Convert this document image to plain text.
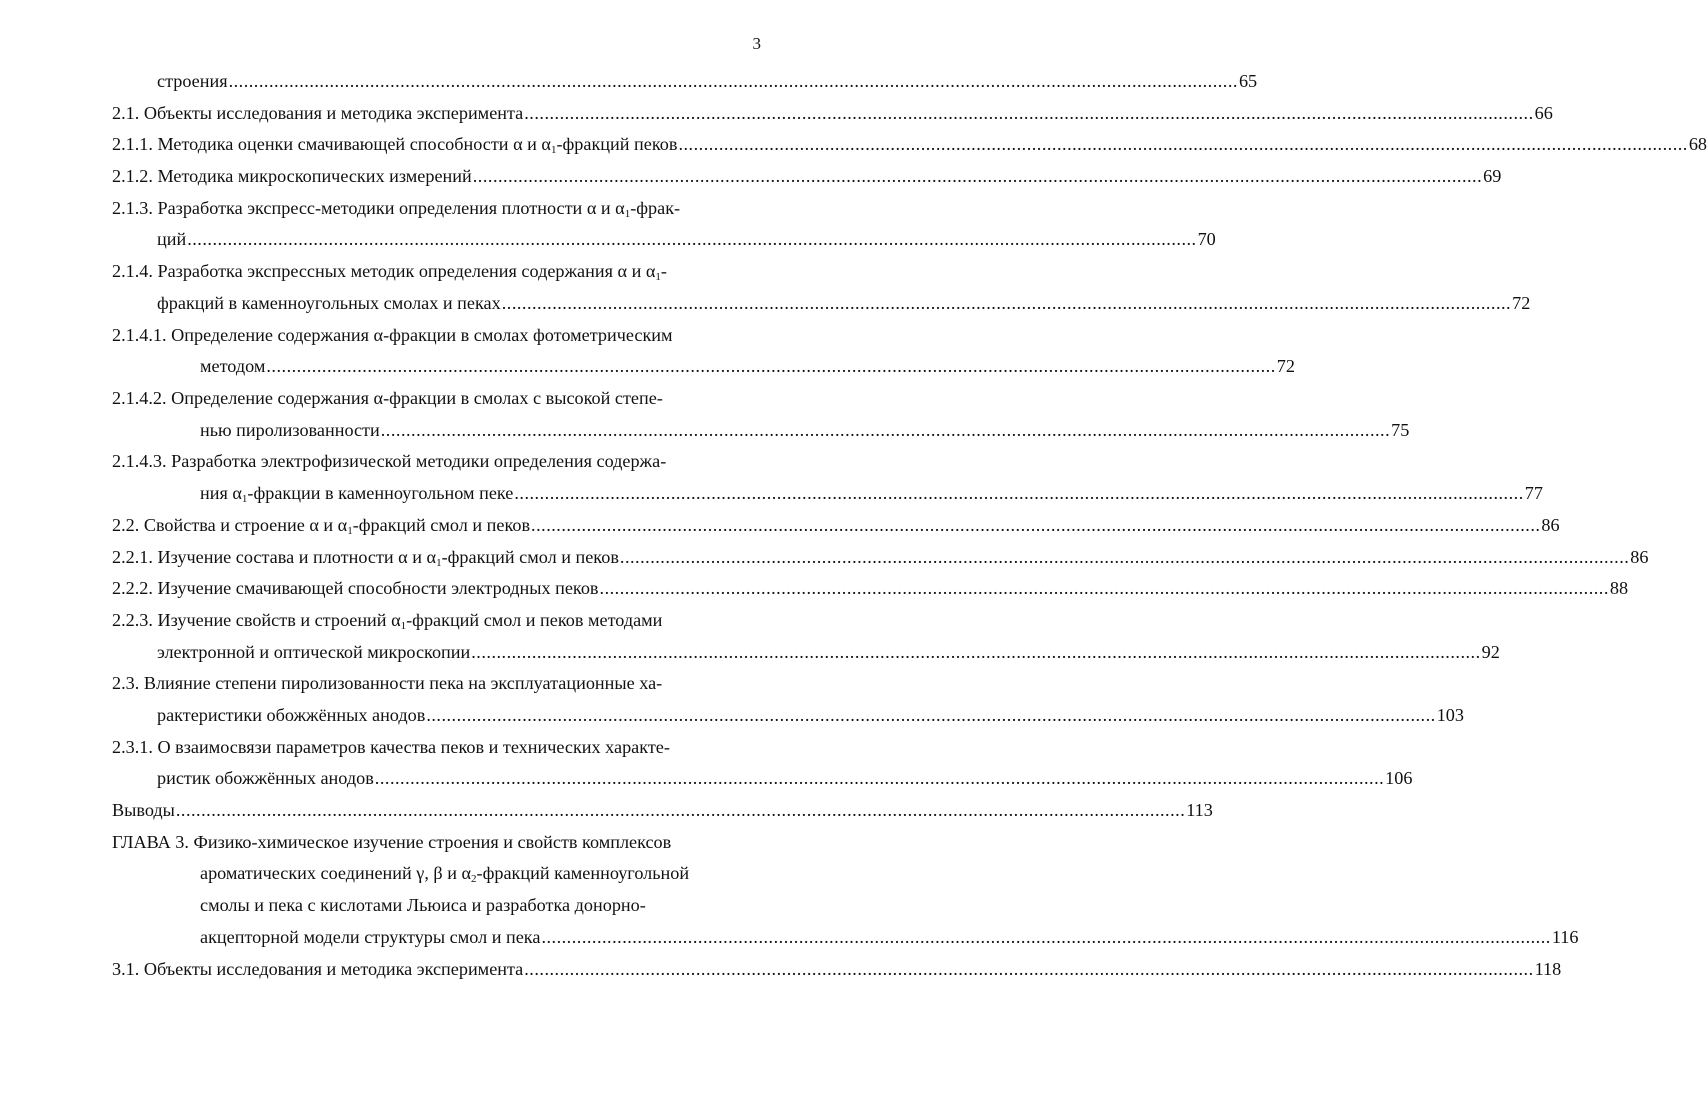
3
строения ........................................................................................................................................................................................................ 65
2.1. Объекты исследования и методика эксперимента ........................................................................................................................................................................................................ 66
2.1.1. Методика оценки смачивающей способности α и $\alpha_1$-фракций пеков ........................................................................................................................................................................................................ 68
2.1.2. Методика микроскопических измерений ........................................................................................................................................................................................................ 69
2.1.3. Разработка экспресс-методики определения плотности α и $\alpha_1-фрак-$
ций ........................................................................................................................................................................................................ 70
2.1.4. Разработка экспрессных методик определения содержания α и $\alpha_1-$
фракций в каменноугольных смолах и пеках ........................................................................................................................................................................................................ 72
2.1.4.1. Определение содержания α-фракции в смолах фотометрическим
методом ........................................................................................................................................................................................................ 72
2.1.4.2. Определение содержания α-фракции в смолах с высокой степе-
нью пиролизованности ........................................................................................................................................................................................................ 75
2.1.4.3. Разработка электрофизической методики определения содержа-
ния $\alpha_1$-фракции в каменноугольном пеке ........................................................................................................................................................................................................ 77
2.2. Свойства и строение α и $\alpha_1$-фракций смол и пеков ........................................................................................................................................................................................................ 86
2.2.1. Изучение состава и плотности α и $\alpha_1$-фракций смол и пеков ........................................................................................................................................................................................................ 86
2.2.2. Изучение смачивающей способности электродных пеков ........................................................................................................................................................................................................ 88
2.2.3. Изучение свойств и строений $\alpha_1$-фракций смол и пеков методами
электронной и оптической микроскопии ........................................................................................................................................................................................................ 92
2.3. Влияние степени пиролизованности пека на эксплуатационные ха-
рактеристики обожжённых анодов ........................................................................................................................................................................................................ 103
2.3.1. О взаимосвязи параметров качества пеков и технических характе-
ристик обожжённых анодов ........................................................................................................................................................................................................ 106
Выводы ........................................................................................................................................................................................................ 113
ГЛАВА 3. Физико-химическое изучение строения и свойств комплексов
ароматических соединений γ, β и $\alpha_2$-фракций каменноугольной
смолы и пека с кислотами Льюиса и разработка донорно-
акцепторной модели структуры смол и пека ........................................................................................................................................................................................................ 116
3.1. Объекты исследования и методика эксперимента ........................................................................................................................................................................................................ 118
